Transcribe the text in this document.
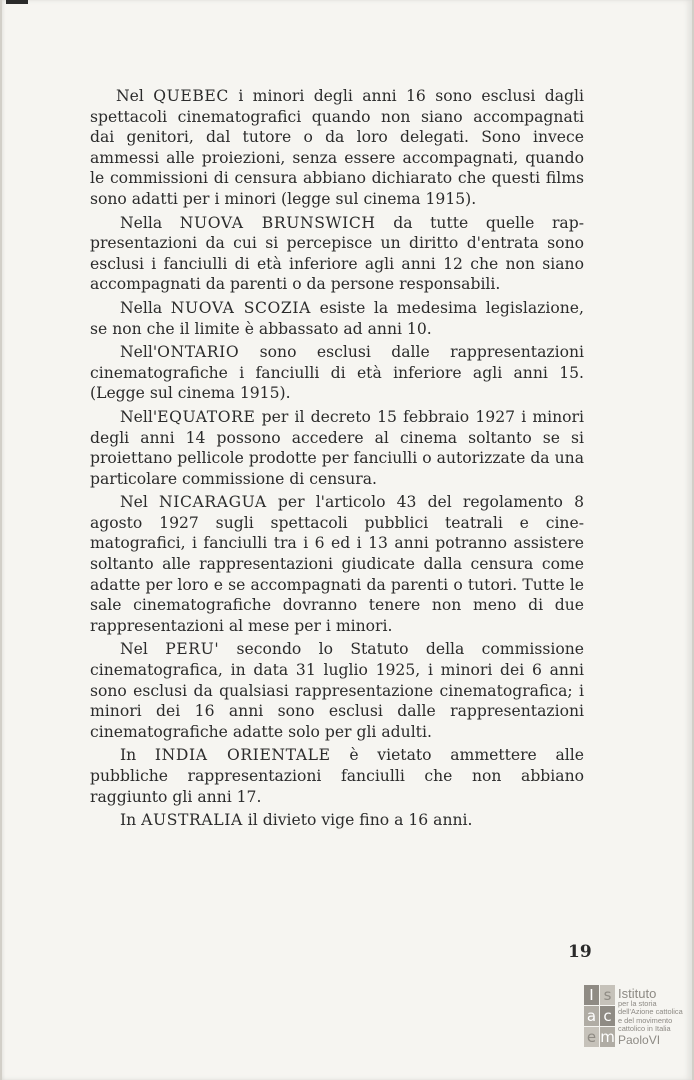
Nel QUEBEC i minori degli anni 16 sono esclusi dagli spettacoli cinematografici quando non siano accompagnati dai genitori, dal tutore o da loro delegati. Sono invece ammessi alle proiezioni, senza essere accompagnati, quando le commissioni di censura abbiano dichiarato che questi films sono adatti per i minori (legge sul cinema 1915).

Nella NUOVA BRUNSWICH da tutte quelle rappresentazioni da cui si percepisce un diritto d'entrata sono esclusi i fanciulli di età inferiore agli anni 12 che non siano accompagnati da parenti o da persone responsabili.

Nella NUOVA SCOZIA esiste la medesima legislazione, se non che il limite è abbassato ad anni 10.

Nell'ONTARIO sono esclusi dalle rappresentazioni cinematografiche i fanciulli di età inferiore agli anni 15. (Legge sul cinema 1915).

Nell'EQUATORE per il decreto 15 febbraio 1927 i minori degli anni 14 possono accedere al cinema soltanto se si proiettano pellicole prodotte per fanciulli o autorizzate da una particolare commissione di censura.

Nel NICARAGUA per l'articolo 43 del regolamento 8 agosto 1927 sugli spettacoli pubblici teatrali e cinematografici, i fanciulli tra i 6 ed i 13 anni potranno assistere soltanto alle rappresentazioni giudicate dalla censura come adatte per loro e se accompagnati da parenti o tutori. Tutte le sale cinematografiche dovranno tenere non meno di due rappresentazioni al mese per i minori.

Nel PERU' secondo lo Statuto della commissione cinematografica, in data 31 luglio 1925, i minori dei 6 anni sono esclusi da qualsiasi rappresentazione cinematografica; i minori dei 16 anni sono esclusi dalle rappresentazioni cinematografiche adatte solo per gli adulti.

In INDIA ORIENTALE è vietato ammettere alle pubbliche rappresentazioni fanciulli che non abbiano raggiunto gli anni 17.

In AUSTRALIA il divieto vige fino a 16 anni.

19
I s
a c
e m
Istituto
per la storia
dell'Azione cattolica
e del movimento
cattolico in Italia
PaoloVI
